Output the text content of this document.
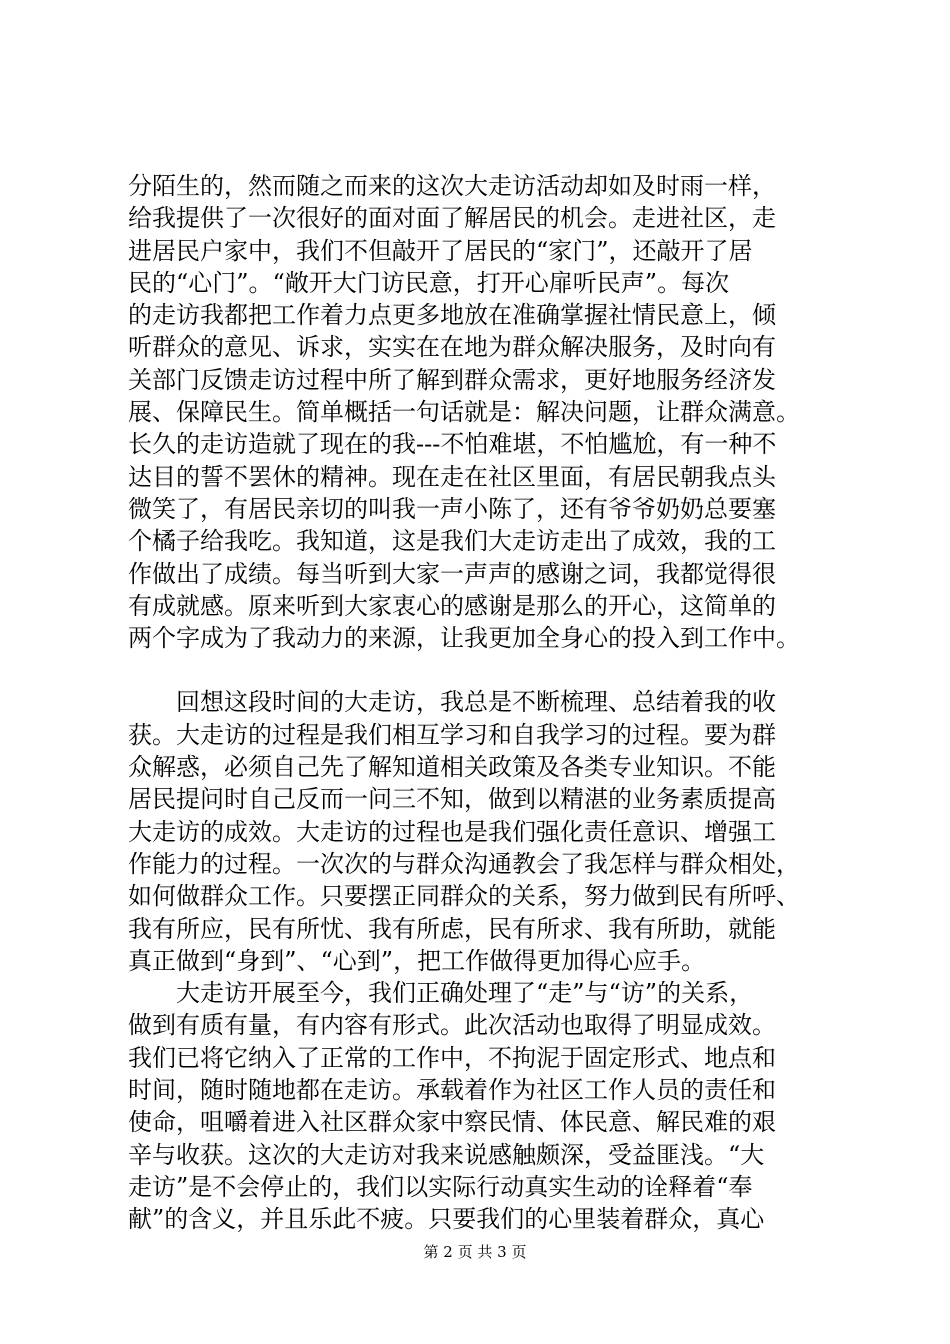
分陌生的，然而随之而来的这次大走访活动却如及时雨一样，
给我提供了一次很好的面对面了解居民的机会。走进社区，走
进居民户家中，我们不但敲开了居民的“家门”，还敲开了居
民的“心门”。“敞开大门访民意，打开心扉听民声”。每次
的走访我都把工作着力点更多地放在准确掌握社情民意上，倾
听群众的意见、诉求，实实在在地为群众解决服务，及时向有
关部门反馈走访过程中所了解到群众需求，更好地服务经济发
展、保障民生。简单概括一句话就是：解决问题，让群众满意。
长久的走访造就了现在的我---不怕难堪，不怕尴尬，有一种不
达目的誓不罢休的精神。现在走在社区里面，有居民朝我点头
微笑了，有居民亲切的叫我一声小陈了，还有爷爷奶奶总要塞
个橘子给我吃。我知道，这是我们大走访走出了成效，我的工
作做出了成绩。每当听到大家一声声的感谢之词，我都觉得很
有成就感。原来听到大家衷心的感谢是那么的开心，这简单的
两个字成为了我动力的来源，让我更加全身心的投入到工作中。
　　回想这段时间的大走访，我总是不断梳理、总结着我的收
获。大走访的过程是我们相互学习和自我学习的过程。要为群
众解惑，必须自己先了解知道相关政策及各类专业知识。不能
居民提问时自己反而一问三不知，做到以精湛的业务素质提高
大走访的成效。大走访的过程也是我们强化责任意识、增强工
作能力的过程。一次次的与群众沟通教会了我怎样与群众相处，
如何做群众工作。只要摆正同群众的关系，努力做到民有所呼、
我有所应，民有所忧、我有所虑，民有所求、我有所助，就能
真正做到“身到”、“心到”，把工作做得更加得心应手。
　　大走访开展至今，我们正确处理了“走”与“访”的关系，
做到有质有量，有内容有形式。此次活动也取得了明显成效。
我们已将它纳入了正常的工作中，不拘泥于固定形式、地点和
时间，随时随地都在走访。承载着作为社区工作人员的责任和
使命，咀嚼着进入社区群众家中察民情、体民意、解民难的艰
辛与收获。这次的大走访对我来说感触颇深，受益匪浅。“大
走访”是不会停止的，我们以实际行动真实生动的诠释着“奉
献”的含义，并且乐此不疲。只要我们的心里装着群众，真心
第 2 页 共 3 页
